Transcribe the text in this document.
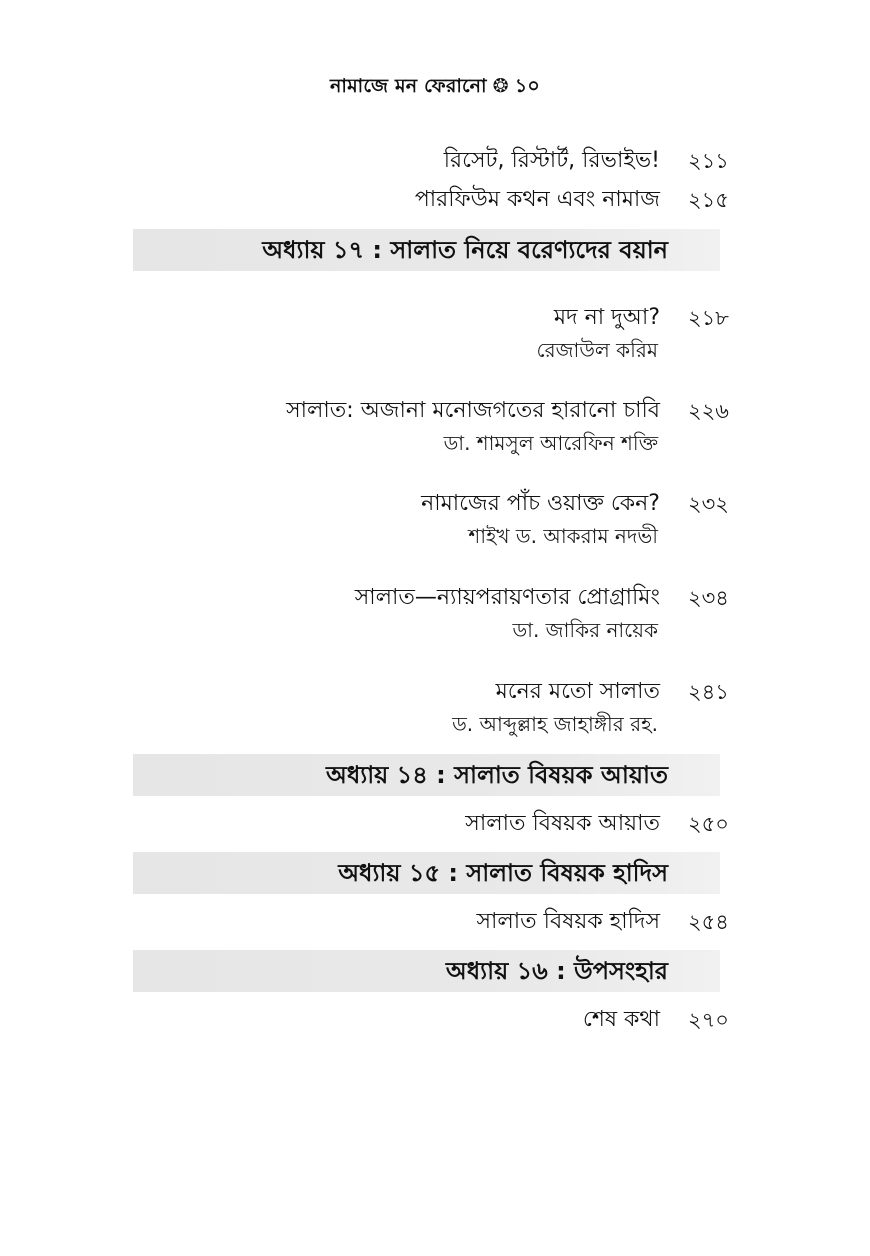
নামাজে মন ফেরানো ❂ ১০
রিসেট, রিস্টার্ট, রিভাইভ! ২১১
পারফিউম কথন এবং নামাজ ২১৫
অধ্যায় ১৭ : সালাত নিয়ে বরেণ্যদের বয়ান
মদ না দুআ? ২১৮
রেজাউল করিম
সালাত: অজানা মনোজগতের হারানো চাবি ২২৬
ডা. শামসুল আরেফিন শক্তি
নামাজের পাঁচ ওয়াক্ত কেন? ২৩২
শাইখ ড. আকরাম নদভী
সালাত—ন্যায়পরায়ণতার প্রোগ্রামিং ২৩৪
ডা. জাকির নায়েক
মনের মতো সালাত ২৪১
ড. আব্দুল্লাহ জাহাঙ্গীর রহ.
অধ্যায় ১৪ : সালাত বিষয়ক আয়াত
সালাত বিষয়ক আয়াত ২৫০
অধ্যায় ১৫ : সালাত বিষয়ক হাদিস
সালাত বিষয়ক হাদিস ২৫৪
অধ্যায় ১৬ : উপসংহার
শেষ কথা ২৭০
